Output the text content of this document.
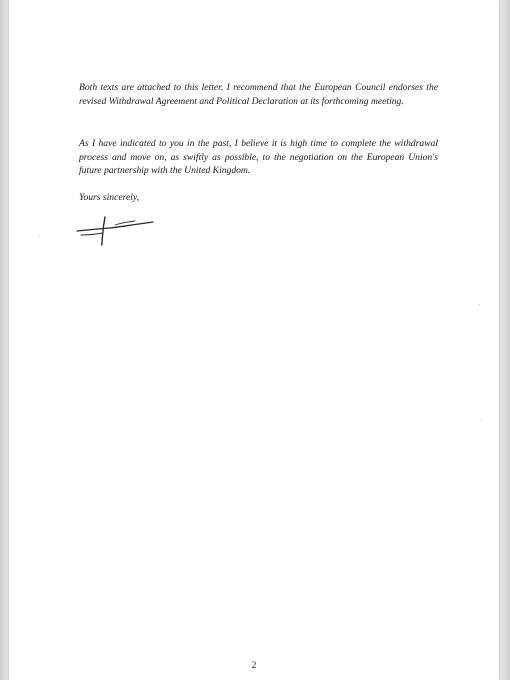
Both texts are attached to this letter. I recommend that the European Council endorses the revised Withdrawal Agreement and Political Declaration at its forthcoming meeting.

As I have indicated to you in the past, I believe it is high time to complete the withdrawal process and move on, as swiftly as possible, to the negotiation on the European Union's future partnership with the United Kingdom.

Yours sincerely,

2
